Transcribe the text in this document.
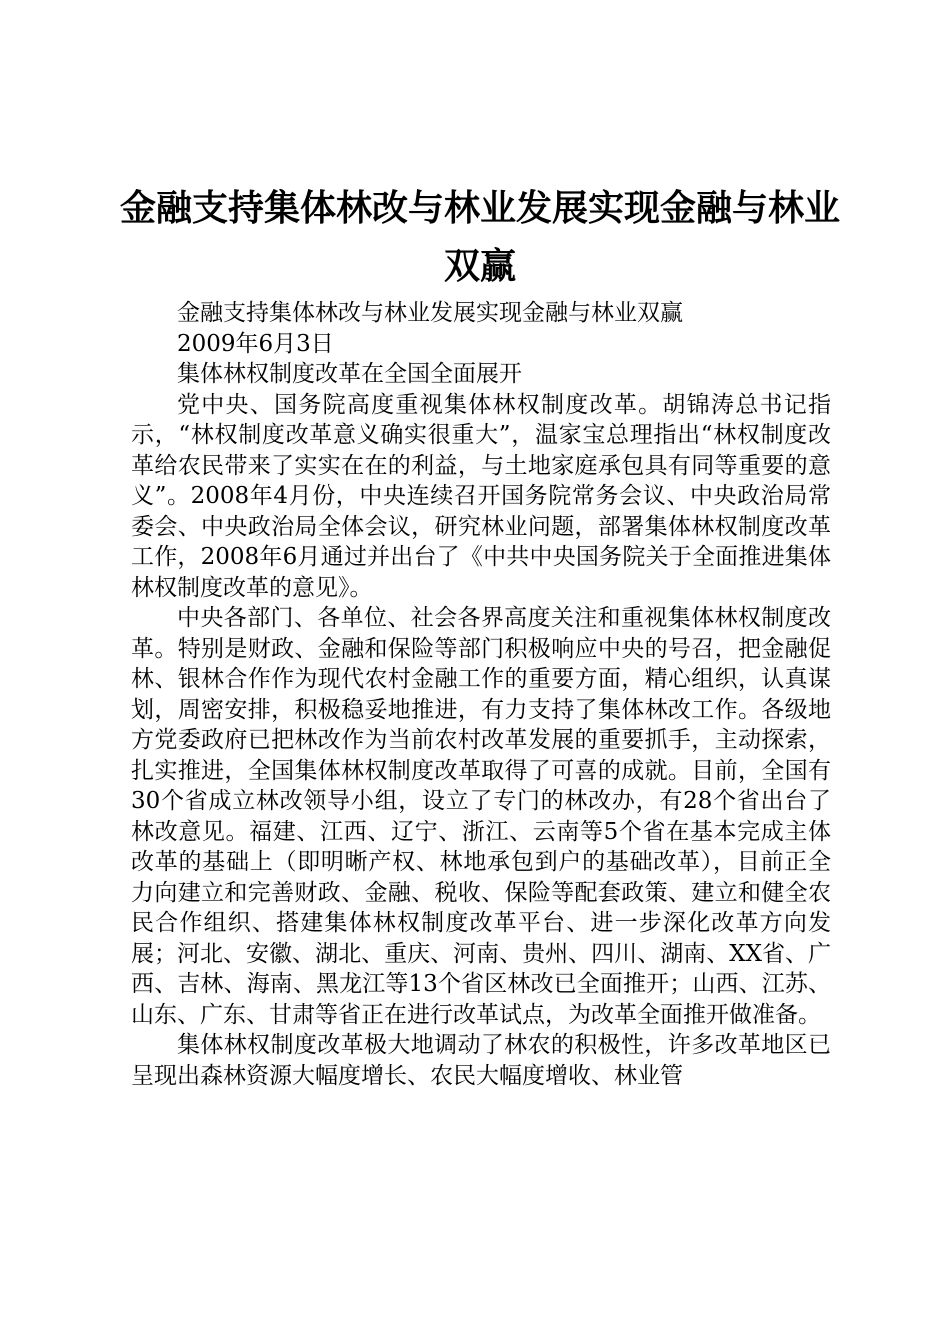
金融支持集体林改与林业发展实现金融与林业双赢

金融支持集体林改与林业发展实现金融与林业双赢

2009年6月3日

集体林权制度改革在全国全面展开

党中央、国务院高度重视集体林权制度改革。胡锦涛总书记指示，“林权制度改革意义确实很重大”，温家宝总理指出“林权制度改革给农民带来了实实在在的利益，与土地家庭承包具有同等重要的意义”。2008年4月份，中央连续召开国务院常务会议、中央政治局常委会、中央政治局全体会议，研究林业问题，部署集体林权制度改革工作，2008年6月通过并出台了《中共中央国务院关于全面推进集体林权制度改革的意见》。

中央各部门、各单位、社会各界高度关注和重视集体林权制度改革。特别是财政、金融和保险等部门积极响应中央的号召，把金融促林、银林合作作为现代农村金融工作的重要方面，精心组织，认真谋划，周密安排，积极稳妥地推进，有力支持了集体林改工作。各级地方党委政府已把林改作为当前农村改革发展的重要抓手，主动探索，扎实推进，全国集体林权制度改革取得了可喜的成就。目前，全国有30个省成立林改领导小组，设立了专门的林改办，有28个省出台了林改意见。福建、江西、辽宁、浙江、云南等5个省在基本完成主体改革的基础上（即明晰产权、林地承包到户的基础改革），目前正全力向建立和完善财政、金融、税收、保险等配套政策、建立和健全农民合作组织、搭建集体林权制度改革平台、进一步深化改革方向发展；河北、安徽、湖北、重庆、河南、贵州、四川、湖南、XX省、广西、吉林、海南、黑龙江等13个省区林改已全面推开；山西、江苏、山东、广东、甘肃等省正在进行改革试点，为改革全面推开做准备。

集体林权制度改革极大地调动了林农的积极性，许多改革地区已呈现出森林资源大幅度增长、农民大幅度增收、林业管
